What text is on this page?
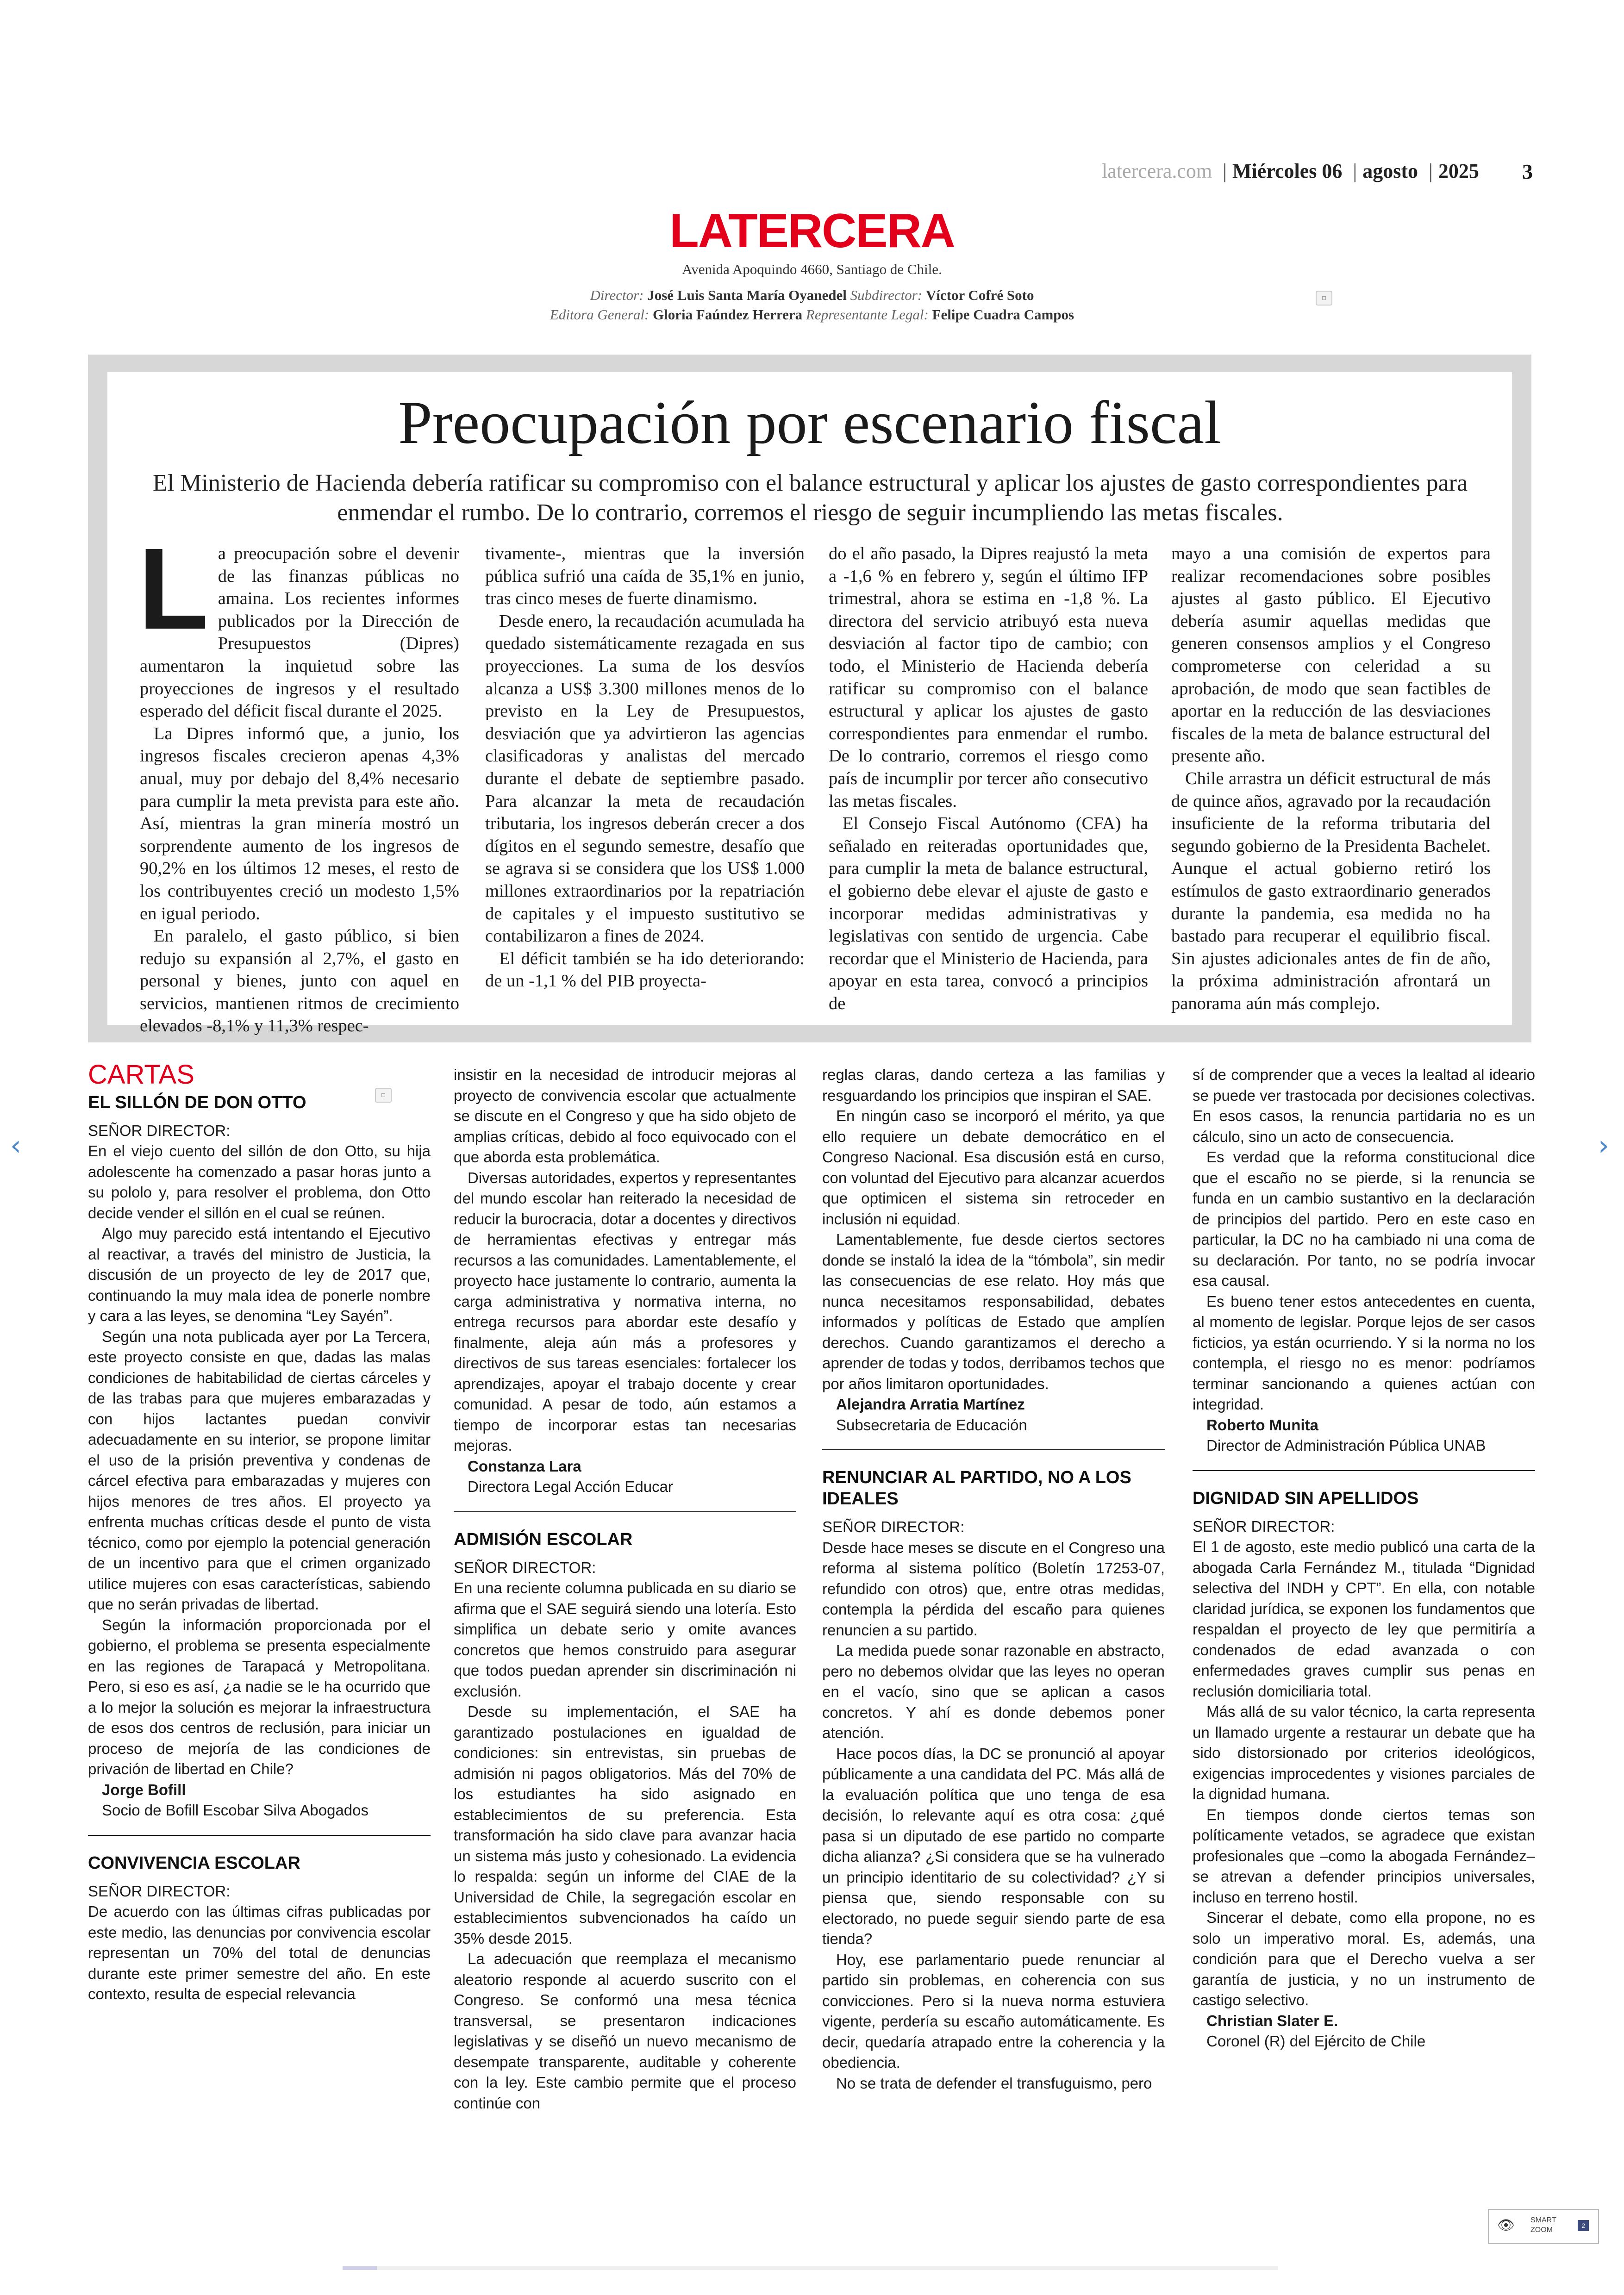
latercera.com | Miércoles 06 | agosto | 2025 3
LATERCERA
Avenida Apoquindo 4660, Santiago de Chile.
Director: José Luis Santa María Oyanedel Subdirector: Víctor Cofré Soto
Editora General: Gloria Faúndez Herrera Representante Legal: Felipe Cuadra Campos
▫
Preocupación por escenario fiscal
El Ministerio de Hacienda debería ratificar su compromiso con el balance estructural y aplicar los ajustes de gasto correspondientes para enmendar el rumbo. De lo contrario, corremos el riesgo de seguir incumpliendo las metas fiscales.
L a preocupación sobre el devenir de las finanzas públicas no amaina. Los recientes informes publicados por la Dirección de Presupuestos (Dipres) aumentaron la inquietud sobre las proyecciones de ingresos y el resultado esperado del déficit fiscal durante el 2025.

La Dipres informó que, a junio, los ingresos fiscales crecieron apenas 4,3% anual, muy por debajo del 8,4% necesario para cumplir la meta prevista para este año. Así, mientras la gran minería mostró un sorprendente aumento de los ingresos de 90,2% en los últimos 12 meses, el resto de los contribuyentes creció un modesto 1,5% en igual periodo.

En paralelo, el gasto público, si bien redujo su expansión al 2,7%, el gasto en personal y bienes, junto con aquel en servicios, mantienen ritmos de crecimiento elevados -8,1% y 11,3% respec-

tivamente-, mientras que la inversión pública sufrió una caída de 35,1% en junio, tras cinco meses de fuerte dinamismo.

Desde enero, la recaudación acumulada ha quedado sistemáticamente rezagada en sus proyecciones. La suma de los desvíos alcanza a US$ 3.300 millones menos de lo previsto en la Ley de Presupuestos, desviación que ya advirtieron las agencias clasificadoras y analistas del mercado durante el debate de septiembre pasado. Para alcanzar la meta de recaudación tributaria, los ingresos deberán crecer a dos dígitos en el segundo semestre, desafío que se agrava si se considera que los US$ 1.000 millones extraordinarios por la repatriación de capitales y el impuesto sustitutivo se contabilizaron a fines de 2024.

El déficit también se ha ido deteriorando: de un -1,1 % del PIB proyecta-

do el año pasado, la Dipres reajustó la meta a -1,6 % en febrero y, según el último IFP trimestral, ahora se estima en -1,8 %. La directora del servicio atribuyó esta nueva desviación al factor tipo de cambio; con todo, el Ministerio de Hacienda debería ratificar su compromiso con el balance estructural y aplicar los ajustes de gasto correspondientes para enmendar el rumbo. De lo contrario, corremos el riesgo como país de incumplir por tercer año consecutivo las metas fiscales.

El Consejo Fiscal Autónomo (CFA) ha señalado en reiteradas oportunidades que, para cumplir la meta de balance estructural, el gobierno debe elevar el ajuste de gasto e incorporar medidas administrativas y legislativas con sentido de urgencia. Cabe recordar que el Ministerio de Hacienda, para apoyar en esta tarea, convocó a principios de

mayo a una comisión de expertos para realizar recomendaciones sobre posibles ajustes al gasto público. El Ejecutivo debería asumir aquellas medidas que generen consensos amplios y el Congreso comprometerse con celeridad a su aprobación, de modo que sean factibles de aportar en la reducción de las desviaciones fiscales de la meta de balance estructural del presente año.

Chile arrastra un déficit estructural de más de quince años, agravado por la recaudación insuficiente de la reforma tributaria del segundo gobierno de la Presidenta Bachelet. Aunque el actual gobierno retiró los estímulos de gasto extraordinario generados durante la pandemia, esa medida no ha bastado para recuperar el equilibrio fiscal. Sin ajustes adicionales antes de fin de año, la próxima administración afrontará un panorama aún más complejo.

CARTAS
EL SILLÓN DE DON OTTO

SEÑOR DIRECTOR:

En el viejo cuento del sillón de don Otto, su hija adolescente ha comenzado a pasar horas junto a su pololo y, para resolver el problema, don Otto decide vender el sillón en el cual se reúnen.

Algo muy parecido está intentando el Ejecutivo al reactivar, a través del ministro de Justicia, la discusión de un proyecto de ley de 2017 que, continuando la muy mala idea de ponerle nombre y cara a las leyes, se denomina “Ley Sayén”.

Según una nota publicada ayer por La Tercera, este proyecto consiste en que, dadas las malas condiciones de habitabilidad de ciertas cárceles y de las trabas para que mujeres embarazadas y con hijos lactantes puedan convivir adecuadamente en su interior, se propone limitar el uso de la prisión preventiva y condenas de cárcel efectiva para embarazadas y mujeres con hijos menores de tres años. El proyecto ya enfrenta muchas críticas desde el punto de vista técnico, como por ejemplo la potencial generación de un incentivo para que el crimen organizado utilice mujeres con esas características, sabiendo que no serán privadas de libertad.

Según la información proporcionada por el gobierno, el problema se presenta especialmente en las regiones de Tarapacá y Metropolitana. Pero, si eso es así, ¿a nadie se le ha ocurrido que a lo mejor la solución es mejorar la infraestructura de esos dos centros de reclusión, para iniciar un proceso de mejoría de las condiciones de privación de libertad en Chile?

Jorge Bofill

Socio de Bofill Escobar Silva Abogados

CONVIVENCIA ESCOLAR

SEÑOR DIRECTOR:

De acuerdo con las últimas cifras publicadas por este medio, las denuncias por convivencia escolar representan un 70% del total de denuncias durante este primer semestre del año. En este contexto, resulta de especial relevancia

▫

insistir en la necesidad de introducir mejoras al proyecto de convivencia escolar que actualmente se discute en el Congreso y que ha sido objeto de amplias críticas, debido al foco equivocado con el que aborda esta problemática.

Diversas autoridades, expertos y representantes del mundo escolar han reiterado la necesidad de reducir la burocracia, dotar a docentes y directivos de herramientas efectivas y entregar más recursos a las comunidades. Lamentablemente, el proyecto hace justamente lo contrario, aumenta la carga administrativa y normativa interna, no entrega recursos para abordar este desafío y finalmente, aleja aún más a profesores y directivos de sus tareas esenciales: fortalecer los aprendizajes, apoyar el trabajo docente y crear comunidad. A pesar de todo, aún estamos a tiempo de incorporar estas tan necesarias mejoras.

Constanza Lara

Directora Legal Acción Educar

ADMISIÓN ESCOLAR

SEÑOR DIRECTOR:

En una reciente columna publicada en su diario se afirma que el SAE seguirá siendo una lotería. Esto simplifica un debate serio y omite avances concretos que hemos construido para asegurar que todos puedan aprender sin discriminación ni exclusión.

Desde su implementación, el SAE ha garantizado postulaciones en igualdad de condiciones: sin entrevistas, sin pruebas de admisión ni pagos obligatorios. Más del 70% de los estudiantes ha sido asignado en establecimientos de su preferencia. Esta transformación ha sido clave para avanzar hacia un sistema más justo y cohesionado. La evidencia lo respalda: según un informe del CIAE de la Universidad de Chile, la segregación escolar en establecimientos subvencionados ha caído un 35% desde 2015.

La adecuación que reemplaza el mecanismo aleatorio responde al acuerdo suscrito con el Congreso. Se conformó una mesa técnica transversal, se presentaron indicaciones legislativas y se diseñó un nuevo mecanismo de desempate transparente, auditable y coherente con la ley. Este cambio permite que el proceso continúe con

reglas claras, dando certeza a las familias y resguardando los principios que inspiran el SAE.

En ningún caso se incorporó el mérito, ya que ello requiere un debate democrático en el Congreso Nacional. Esa discusión está en curso, con voluntad del Ejecutivo para alcanzar acuerdos que optimicen el sistema sin retroceder en inclusión ni equidad.

Lamentablemente, fue desde ciertos sectores donde se instaló la idea de la “tómbola”, sin medir las consecuencias de ese relato. Hoy más que nunca necesitamos responsabilidad, debates informados y políticas de Estado que amplíen derechos. Cuando garantizamos el derecho a aprender de todas y todos, derribamos techos que por años limitaron oportunidades.

Alejandra Arratia Martínez

Subsecretaria de Educación

RENUNCIAR AL PARTIDO, NO A LOS IDEALES

SEÑOR DIRECTOR:

Desde hace meses se discute en el Congreso una reforma al sistema político (Boletín 17253-07, refundido con otros) que, entre otras medidas, contempla la pérdida del escaño para quienes renuncien a su partido.

La medida puede sonar razonable en abstracto, pero no debemos olvidar que las leyes no operan en el vacío, sino que se aplican a casos concretos. Y ahí es donde debemos poner atención.

Hace pocos días, la DC se pronunció al apoyar públicamente a una candidata del PC. Más allá de la evaluación política que uno tenga de esa decisión, lo relevante aquí es otra cosa: ¿qué pasa si un diputado de ese partido no comparte dicha alianza? ¿Si considera que se ha vulnerado un principio identitario de su colectividad? ¿Y si piensa que, siendo responsable con su electorado, no puede seguir siendo parte de esa tienda?

Hoy, ese parlamentario puede renunciar al partido sin problemas, en coherencia con sus convicciones. Pero si la nueva norma estuviera vigente, perdería su escaño automáticamente. Es decir, quedaría atrapado entre la coherencia y la obediencia.

No se trata de defender el transfuguismo, pero

sí de comprender que a veces la lealtad al ideario se puede ver trastocada por decisiones colectivas. En esos casos, la renuncia partidaria no es un cálculo, sino un acto de consecuencia.

Es verdad que la reforma constitucional dice que el escaño no se pierde, si la renuncia se funda en un cambio sustantivo en la declaración de principios del partido. Pero en este caso en particular, la DC no ha cambiado ni una coma de su declaración. Por tanto, no se podría invocar esa causal.

Es bueno tener estos antecedentes en cuenta, al momento de legislar. Porque lejos de ser casos ficticios, ya están ocurriendo. Y si la norma no los contempla, el riesgo no es menor: podríamos terminar sancionando a quienes actúan con integridad.

Roberto Munita

Director de Administración Pública UNAB

DIGNIDAD SIN APELLIDOS

SEÑOR DIRECTOR:

El 1 de agosto, este medio publicó una carta de la abogada Carla Fernández M., titulada “Dignidad selectiva del INDH y CPT”. En ella, con notable claridad jurídica, se exponen los fundamentos que respaldan el proyecto de ley que permitiría a condenados de edad avanzada o con enfermedades graves cumplir sus penas en reclusión domiciliaria total.

Más allá de su valor técnico, la carta representa un llamado urgente a restaurar un debate que ha sido distorsionado por criterios ideológicos, exigencias improcedentes y visiones parciales de la dignidad humana.

En tiempos donde ciertos temas son políticamente vetados, se agradece que existan profesionales que –como la abogada Fernández– se atrevan a defender principios universales, incluso en terreno hostil.

Sincerar el debate, como ella propone, no es solo un imperativo moral. Es, además, una condición para que el Derecho vuelva a ser garantía de justicia, y no un instrumento de castigo selectivo.

Christian Slater E.

Coronel (R) del Ejército de Chile

‹	›
👁 SMART
ZOOM
2
